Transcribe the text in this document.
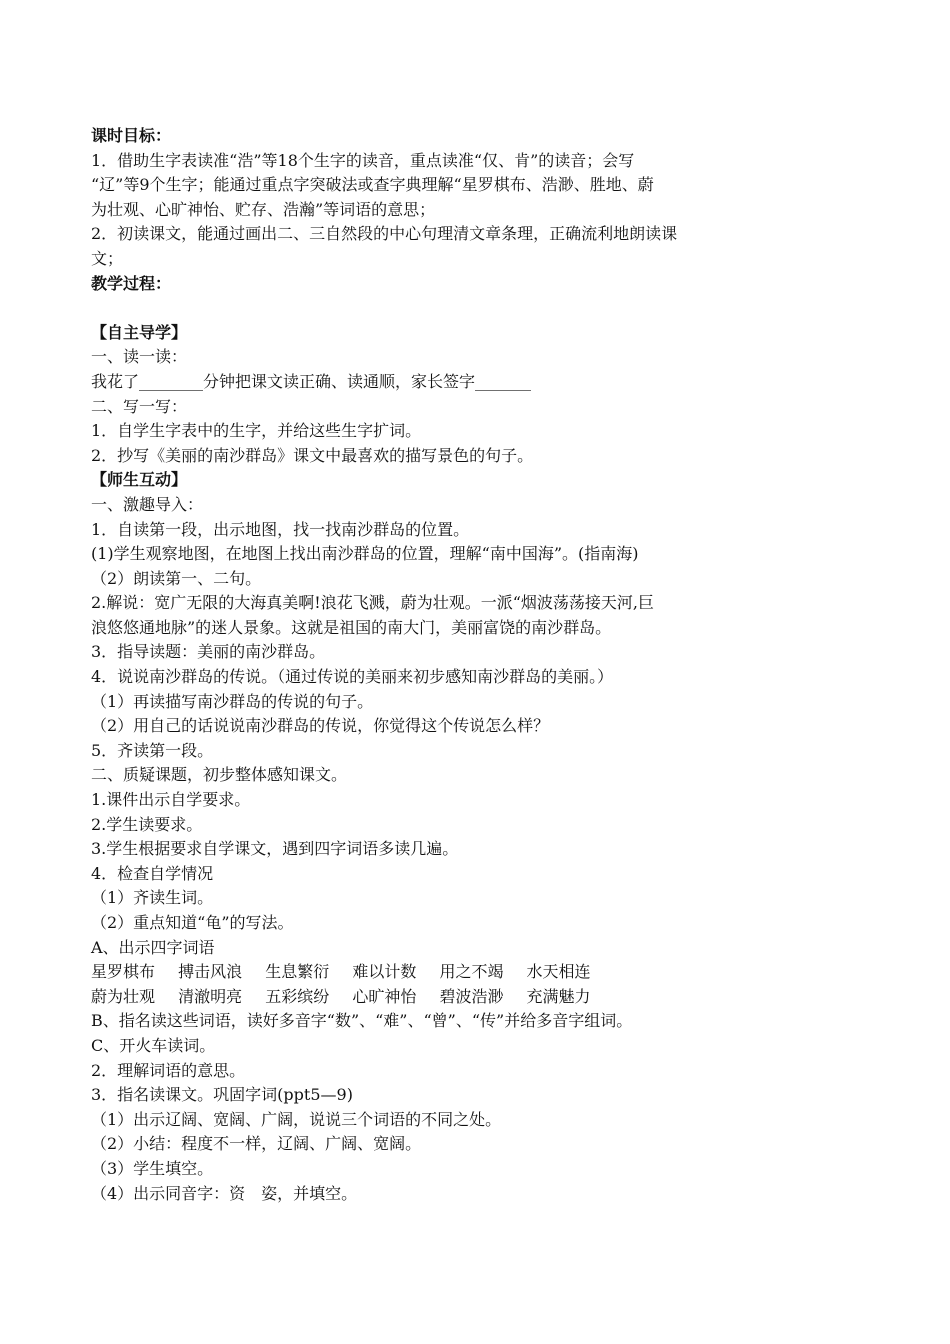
课时目标：
1．借助生字表读准“浩”等18个生字的读音，重点读准“仅、肯”的读音；会写
“辽”等9个生字；能通过重点字突破法或查字典理解“星罗棋布、浩渺、胜地、蔚
为壮观、心旷神怡、贮存、浩瀚”等词语的意思；
2．初读课文，能通过画出二、三自然段的中心句理清文章条理，正确流利地朗读课
文；
教学过程：
【自主导学】
一、读一读：
我花了________分钟把课文读正确、读通顺，家长签字_______
二、写一写：
1．自学生字表中的生字，并给这些生字扩词。
2．抄写《美丽的南沙群岛》课文中最喜欢的描写景色的句子。
【师生互动】
一、激趣导入：
1．自读第一段，出示地图，找一找南沙群岛的位置。
(1)学生观察地图，在地图上找出南沙群岛的位置，理解“南中国海”。(指南海)
（2）朗读第一、二句。
2.解说：宽广无限的大海真美啊!浪花飞溅，蔚为壮观。一派“烟波荡荡接天河,巨
浪悠悠通地脉”的迷人景象。这就是祖国的南大门，美丽富饶的南沙群岛。
3．指导读题：美丽的南沙群岛。
4．说说南沙群岛的传说。（通过传说的美丽来初步感知南沙群岛的美丽。）
（1）再读描写南沙群岛的传说的句子。
（2）用自己的话说说南沙群岛的传说，你觉得这个传说怎么样？
5．齐读第一段。
二、质疑课题，初步整体感知课文。
1.课件出示自学要求。
2.学生读要求。
3.学生根据要求自学课文，遇到四字词语多读几遍。
4．检查自学情况
（1）齐读生词。
（2）重点知道“龟”的写法。
A、出示四字词语
星罗棋布 搏击风浪 生息繁衍 难以计数 用之不竭 水天相连
蔚为壮观 清澈明亮 五彩缤纷 心旷神怡 碧波浩渺 充满魅力
B、指名读这些词语，读好多音字“数”、“难”、“曾”、“传”并给多音字组词。
C、开火车读词。
2．理解词语的意思。
3．指名读课文。巩固字词(ppt5—9)
（1）出示辽阔、宽阔、广阔，说说三个词语的不同之处。
（2）小结：程度不一样，辽阔、广阔、宽阔。
（3）学生填空。
（4）出示同音字：资　姿，并填空。
